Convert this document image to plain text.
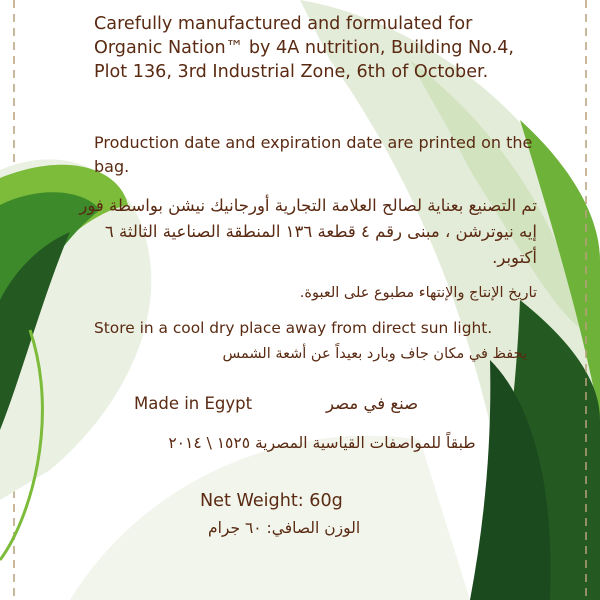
Carefully manufactured and formulated for Organic Nation™ by 4A nutrition, Building No.4, Plot 136, 3rd Industrial Zone, 6th of October.

Production date and expiration date are printed on the bag.

تم التصنيع بعناية لصالح العلامة التجارية أورجانيك نيشن بواسطة فور إيه نيوترشن ، مبنى رقم ٤ قطعة ١٣٦ المنطقة الصناعية الثالثة ٦ أكتوبر.

تاريخ الإنتاج والإنتهاء مطبوع على العبوة.

Store in a cool dry place away from direct sun light.

يحفظ في مكان جاف وبارد بعيداً عن أشعة الشمس

Made in Egypt	صنع في مصر
طبقاً للمواصفات القياسية المصرية ١٥٢٥ \ ٢٠١٤
Net Weight: 60g
الوزن الصافي: ٦٠ جرام
